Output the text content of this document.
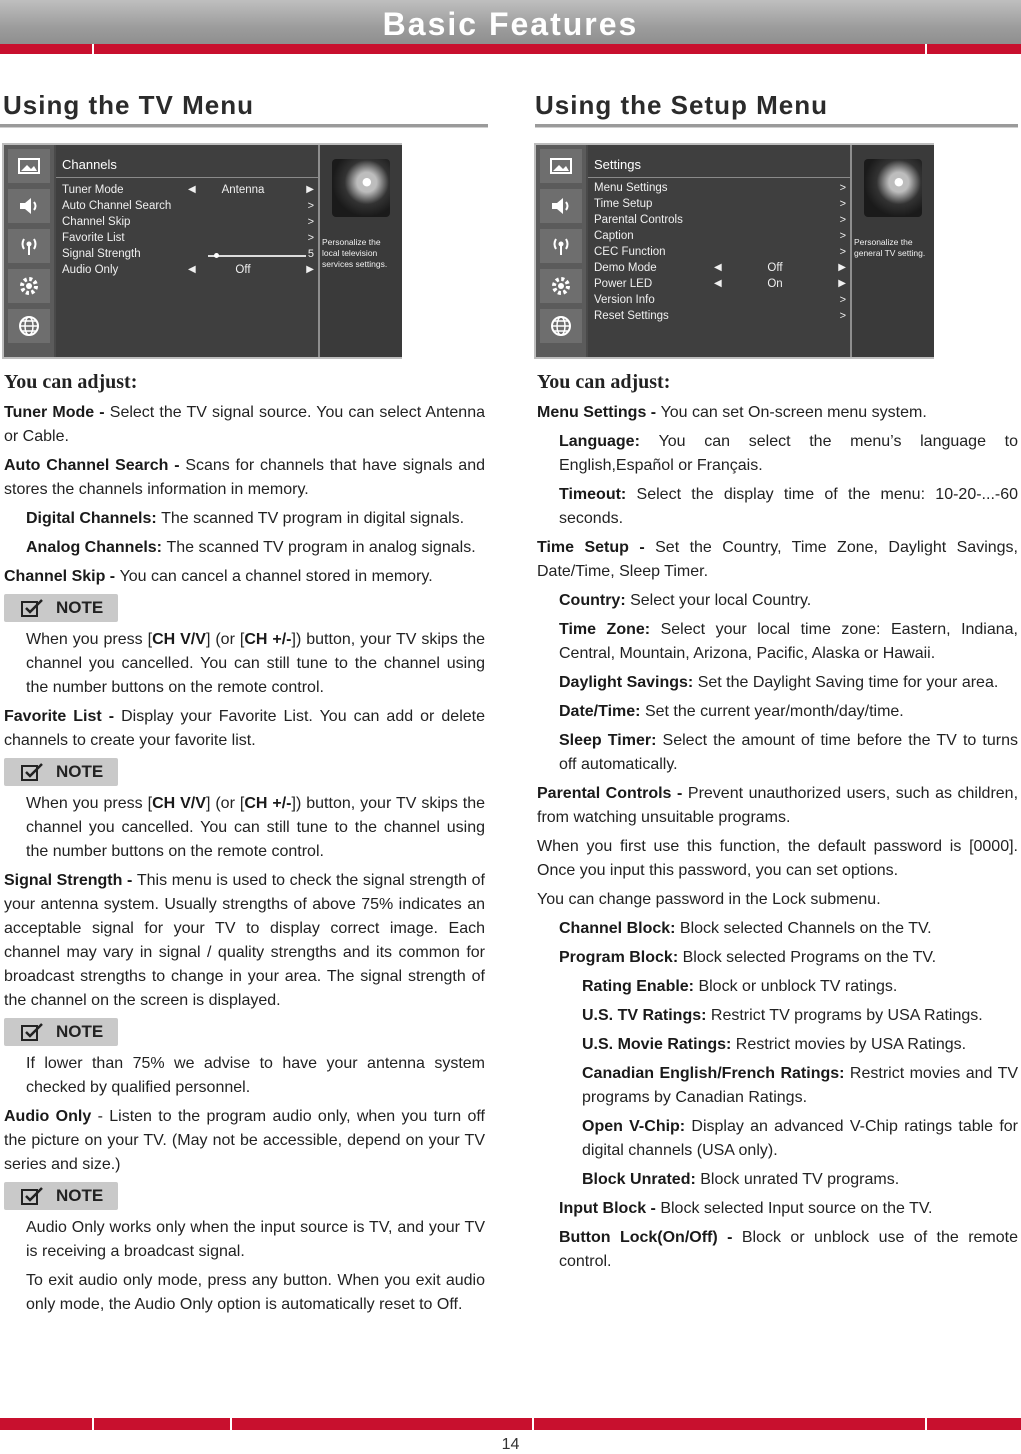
Basic Features
Using the TV Menu	Using the Setup Menu
Channels
Tuner Mode	◀	Antenna	▶
Auto Channel Search	>
Channel Skip	>
Favorite List	>
Signal Strength	5
Audio Only	◀	Off	▶
Personalize the local television services settings.
Settings
Menu Settings	>
Time Setup	>
Parental Controls	>
Caption	>
CEC Function	>
Demo Mode	◀	Off	▶
Power LED	◀	On	▶
Version Info	>
Reset Settings	>
Personalize the general TV setting.
You can adjust:

Tuner Mode - Select the TV signal source. You can select Antenna or Cable.

Auto Channel Search - Scans for channels that have signals and stores the channels information in memory.

Digital Channels: The scanned TV program in digital signals.

Analog Channels: The scanned TV program in analog signals.

Channel Skip - You can cancel a channel stored in memory.

NOTE

When you press [CH V/V] (or [CH +/-]) button, your TV skips the channel you cancelled. You can still tune to the channel using the number buttons on the remote control.

Favorite List - Display your Favorite List. You can add or delete channels to create your favorite list.

NOTE

When you press [CH V/V] (or [CH +/-]) button, your TV skips the channel you cancelled. You can still tune to the channel using the number buttons on the remote control.

Signal Strength - This menu is used to check the signal strength of your antenna system. Usually strengths of above 75% indicates an acceptable signal for your TV to display correct image. Each channel may vary in signal / quality strengths and its common for broadcast strengths to change in your area. The signal strength of the channel on the screen is displayed.

NOTE

If lower than 75% we advise to have your antenna system checked by qualified personnel.

Audio Only - Listen to the program audio only, when you turn off the picture on your TV. (May not be accessible, depend on your TV series and size.)

NOTE

Audio Only works only when the input source is TV, and your TV is receiving a broadcast signal.

To exit audio only mode, press any button. When you exit audio only mode, the Audio Only option is automatically reset to Off.

You can adjust:

Menu Settings - You can set On-screen menu system.

Language: You can select the menu’s language to English,Español or Français.

Timeout: Select the display time of the menu: 10-20-...-60 seconds.

Time Setup - Set the Country, Time Zone, Daylight Savings, Date/Time, Sleep Timer.

Country: Select your local Country.

Time Zone: Select your local time zone: Eastern, Indiana, Central, Mountain, Arizona, Pacific, Alaska or Hawaii.

Daylight Savings: Set the Daylight Saving time for your area.

Date/Time: Set the current year/month/day/time.

Sleep Timer: Select the amount of time before the TV to turns off automatically.

Parental Controls - Prevent unauthorized users, such as children, from watching unsuitable programs.

When you first use this function, the default password is [0000]. Once you input this password, you can set options.

You can change password in the Lock submenu.

Channel Block: Block selected Channels on the TV.

Program Block: Block selected Programs on the TV.

Rating Enable: Block or unblock TV ratings.

U.S. TV Ratings: Restrict TV programs by USA Ratings.

U.S. Movie Ratings: Restrict movies by USA Ratings.

Canadian English/French Ratings: Restrict movies and TV programs by Canadian Ratings.

Open V-Chip: Display an advanced V-Chip ratings table for digital channels (USA only).

Block Unrated: Block unrated TV programs.

Input Block - Block selected Input source on the TV.

Button Lock(On/Off) - Block or unblock use of the remote control.

14
